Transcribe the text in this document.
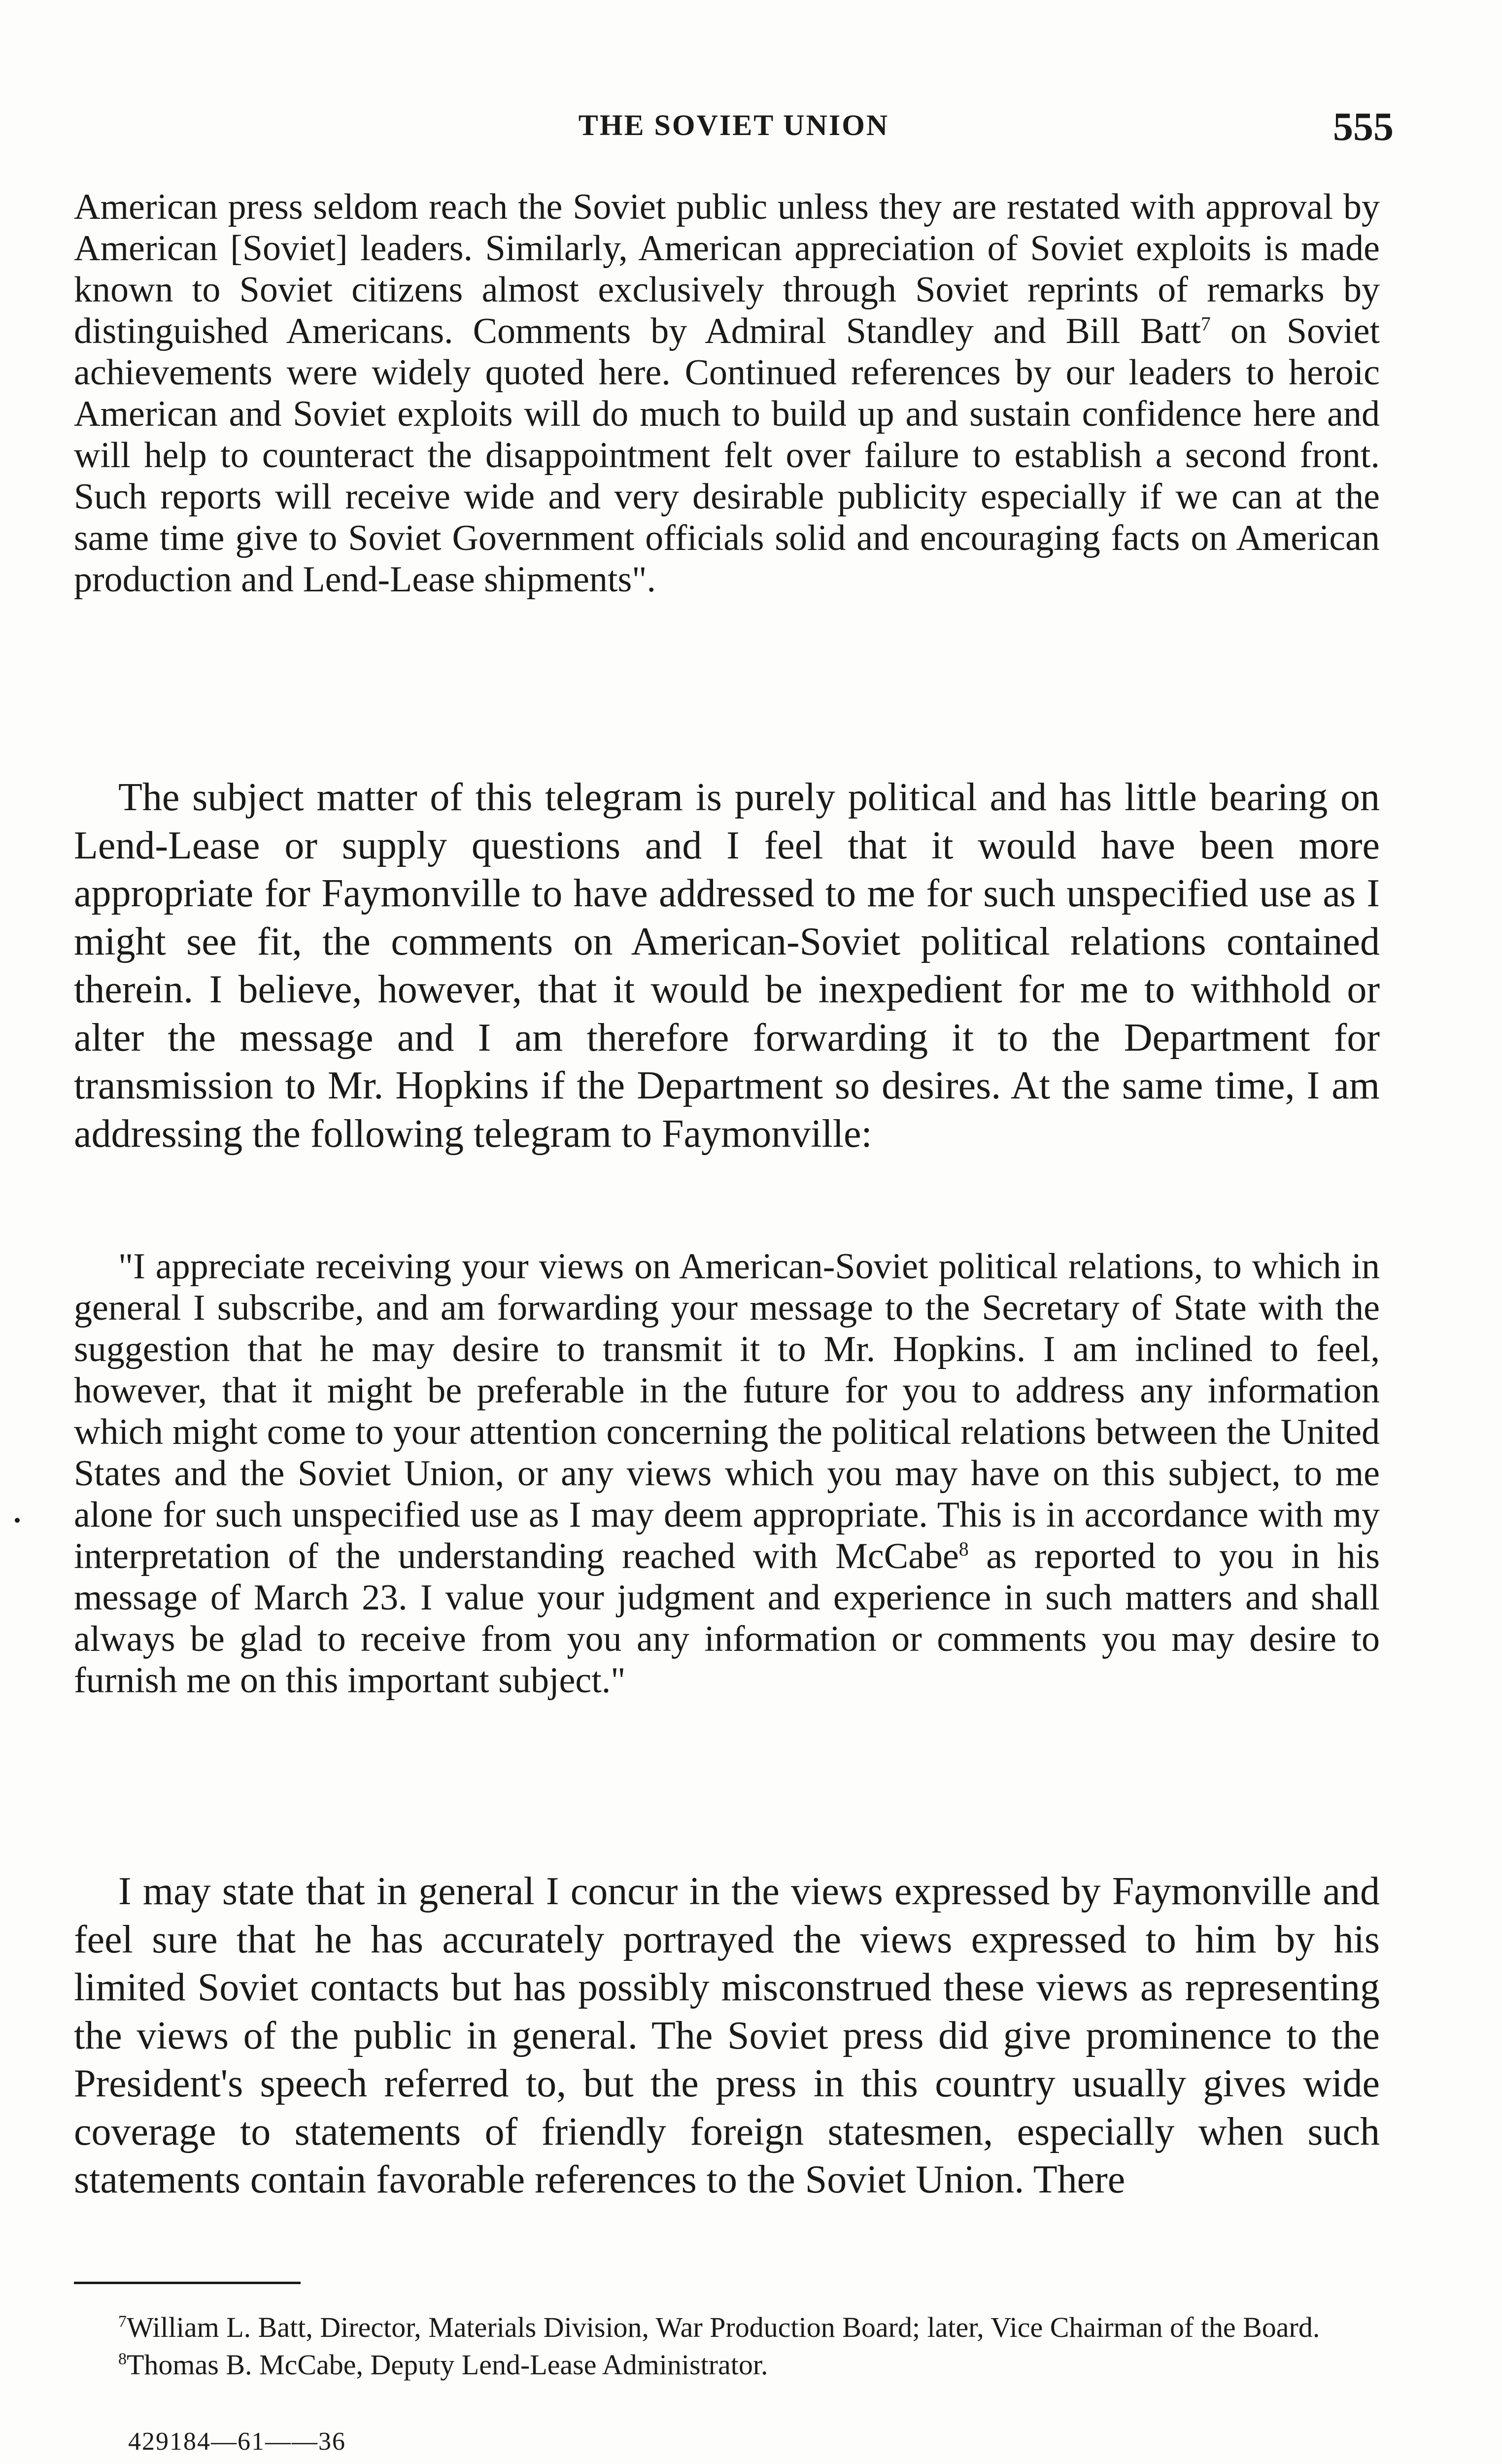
THE SOVIET UNION	555

American press seldom reach the Soviet public unless they are restated with approval by American [Soviet] leaders. Similarly, American appreciation of Soviet exploits is made known to Soviet citizens almost exclusively through Soviet reprints of remarks by distinguished Americans. Comments by Admiral Standley and Bill Batt$^7$ on Soviet achievements were widely quoted here. Continued references by our leaders to heroic American and Soviet exploits will do much to build up and sustain confidence here and will help to counteract the disappointment felt over failure to establish a second front. Such reports will receive wide and very desirable publicity especially if we can at the same time give to Soviet Government officials solid and encouraging facts on American production and Lend-Lease shipments".

The subject matter of this telegram is purely political and has little bearing on Lend-Lease or supply questions and I feel that it would have been more appropriate for Faymonville to have addressed to me for such unspecified use as I might see fit, the comments on American-Soviet political relations contained therein. I believe, however, that it would be inexpedient for me to withhold or alter the message and I am therefore forwarding it to the Department for transmission to Mr. Hopkins if the Department so desires. At the same time, I am addressing the following telegram to Faymonville:

"I appreciate receiving your views on American-Soviet political relations, to which in general I subscribe, and am forwarding your message to the Secretary of State with the suggestion that he may desire to transmit it to Mr. Hopkins. I am inclined to feel, however, that it might be preferable in the future for you to address any information which might come to your attention concerning the political relations between the United States and the Soviet Union, or any views which you may have on this subject, to me alone for such unspecified use as I may deem appropriate. This is in accordance with my interpretation of the understanding reached with McCabe$^8$ as reported to you in his message of March 23. I value your judgment and experience in such matters and shall always be glad to receive from you any information or comments you may desire to furnish me on this important subject."

I may state that in general I concur in the views expressed by Faymonville and feel sure that he has accurately portrayed the views expressed to him by his limited Soviet contacts but has possibly misconstrued these views as representing the views of the public in general. The Soviet press did give prominence to the President's speech referred to, but the press in this country usually gives wide coverage to statements of friendly foreign statesmen, especially when such statements contain favorable references to the Soviet Union. There

$^7$William L. Batt, Director, Materials Division, War Production Board; later, Vice Chairman of the Board.

$^8$Thomas B. McCabe, Deputy Lend-Lease Administrator.

429184—61——36
